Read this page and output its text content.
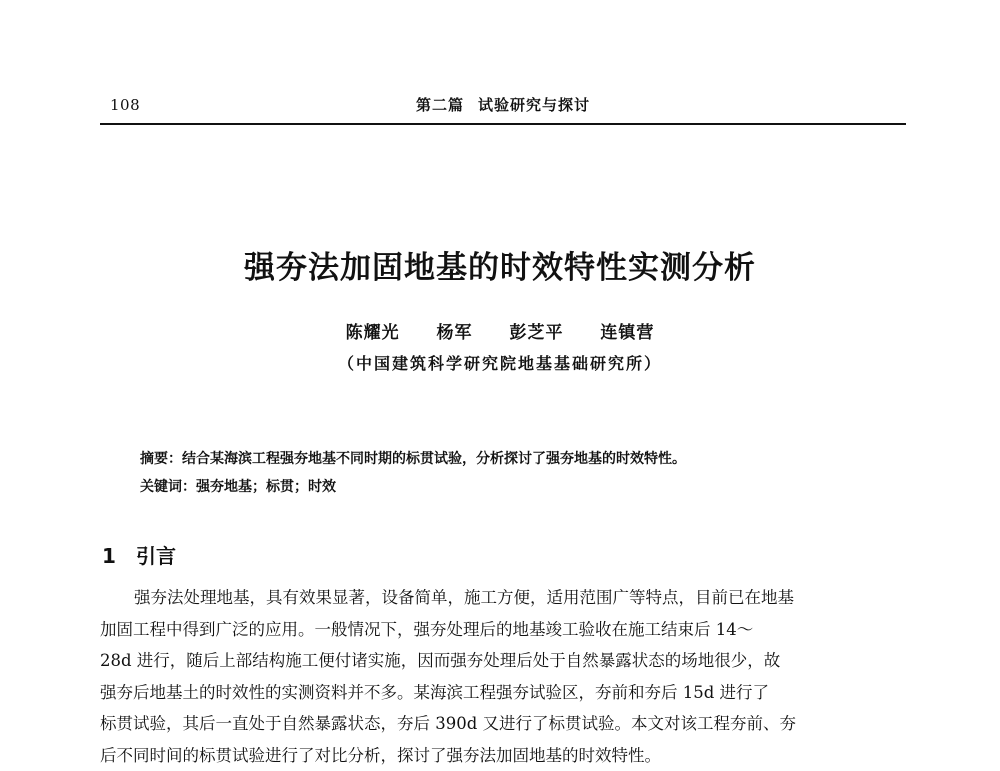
108	第二篇 试验研究与探讨
强夯法加固地基的时效特性实测分析
陈耀光 杨军 彭芝平 连镇营
（中国建筑科学研究院地基基础研究所）
摘要：结合某海滨工程强夯地基不同时期的标贯试验，分析探讨了强夯地基的时效特性。
关键词：强夯地基；标贯；时效
1 引言
强夯法处理地基，具有效果显著，设备简单，施工方便，适用范围广等特点，目前已在地基
加固工程中得到广泛的应用。一般情况下，强夯处理后的地基竣工验收在施工结束后 14～
28d 进行，随后上部结构施工便付诸实施，因而强夯处理后处于自然暴露状态的场地很少，故
强夯后地基土的时效性的实测资料并不多。某海滨工程强夯试验区，夯前和夯后 15d 进行了
标贯试验，其后一直处于自然暴露状态，夯后 390d 又进行了标贯试验。本文对该工程夯前、夯
后不同时间的标贯试验进行了对比分析，探讨了强夯法加固地基的时效特性。
